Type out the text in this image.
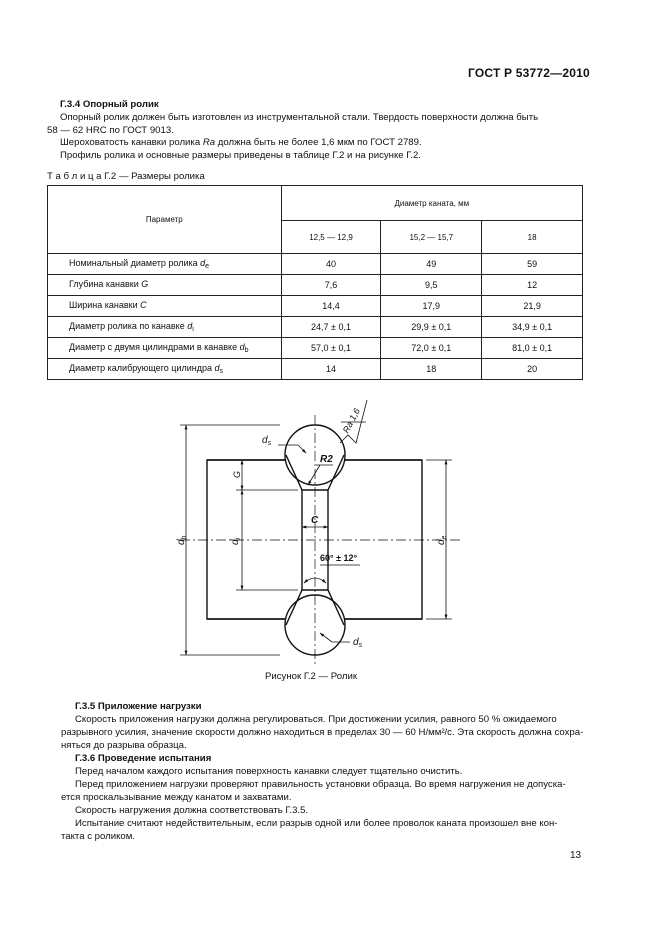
ГОСТ Р 53772—2010
Г.3.4 Опорный ролик
Опорный ролик должен быть изготовлен из инструментальной стали. Твердость поверхности должна быть
58 — 62 HRC по ГОСТ 9013.
Шероховатость канавки ролика Ra должна быть не более 1,6 мкм по ГОСТ 2789.
Профиль ролика и основные размеры приведены в таблице Г.2 и на рисунке Г.2.
Т а б л и ц а Г.2 — Размеры ролика
Параметр	Диаметр каната, мм		
	12,5 — 12,9	15,2 — 15,7	18
Номинальный диаметр ролика $d_e$	40	49	59
Глубина канавки G	7,6	9,5	12
Ширина канавки C	14,4	17,9	21,9
Диаметр ролика по канавке $d_i$	24,7 ± 0,1	29,9 ± 0,1	34,9 ± 0,1
Диаметр с двумя цилиндрами в канавке $d_b$	57,0 ± 0,1	72,0 ± 0,1	81,0 ± 0,1
Диаметр калибрующего цилиндра $d_s$	14	18	20
$d_s$
Ra 1,6
R2
G
C
60° ± 12°
$d_b$
$d_i$
$d_e$
$d_s$
Рисунок Г.2 — Ролик
Г.3.5 Приложение нагрузки
Скорость приложения нагрузки должна регулироваться. При достижении усилия, равного 50 % ожидаемого
разрывного усилия, значение скорости должно находиться в пределах 30 — 60 Н/мм²/с. Эта скорость должна сохра-
няться до разрыва образца.
Г.3.6 Проведение испытания
Перед началом каждого испытания поверхность канавки следует тщательно очистить.
Перед приложением нагрузки проверяют правильность установки образца. Во время нагружения не допуска-
ется проскальзывание между канатом и захватами.
Скорость нагружения должна соответствовать Г.3.5.
Испытание считают недействительным, если разрыв одной или более проволок каната произошел вне кон-
такта с роликом.
13
